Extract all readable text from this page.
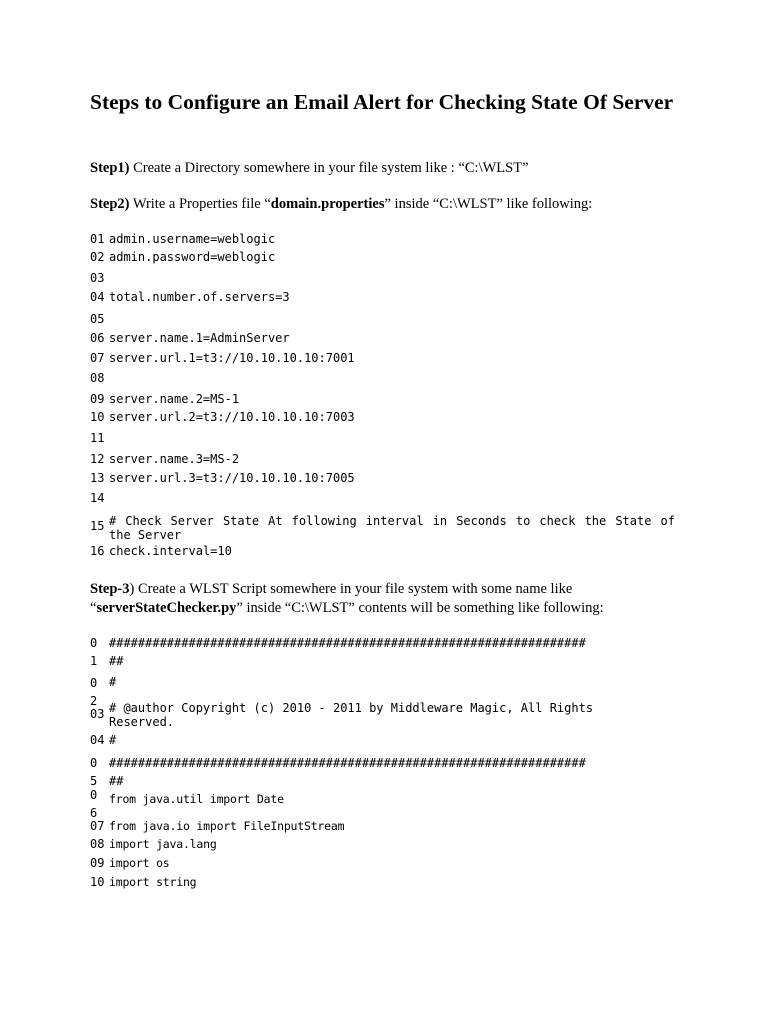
Steps to Configure an Email Alert for Checking State Of Server

Step1) Create a Directory somewhere in your file system like : “C:\WLST”

Step2) Write a Properties file “domain.properties” inside “C:\WLST” like following:

01 admin.username=weblogic
02 admin.password=weblogic
03
04 total.number.of.servers=3
05
06 server.name.1=AdminServer
07 server.url.1=t3://10.10.10.10:7001
08
09 server.name.2=MS-1
10 server.url.2=t3://10.10.10.10:7003
11
12 server.name.3=MS-2
13 server.url.3=t3://10.10.10.10:7005
14
15 # Check Server State At following interval in Seconds to check the State of the Server
16 check.interval=10

Step-3) Create a WLST Script somewhere in your file system with some name like “serverStateChecker.py” inside “C:\WLST” contents will be something like following:

01
##################################################################
##
02
#
03 # @author Copyright (c) 2010 - 2011 by Middleware Magic, All Rights Reserved.
04 #
05
##################################################################
##
06
from java.util import Date
07 from java.io import FileInputStream
08 import java.lang
09 import os
10 import string
